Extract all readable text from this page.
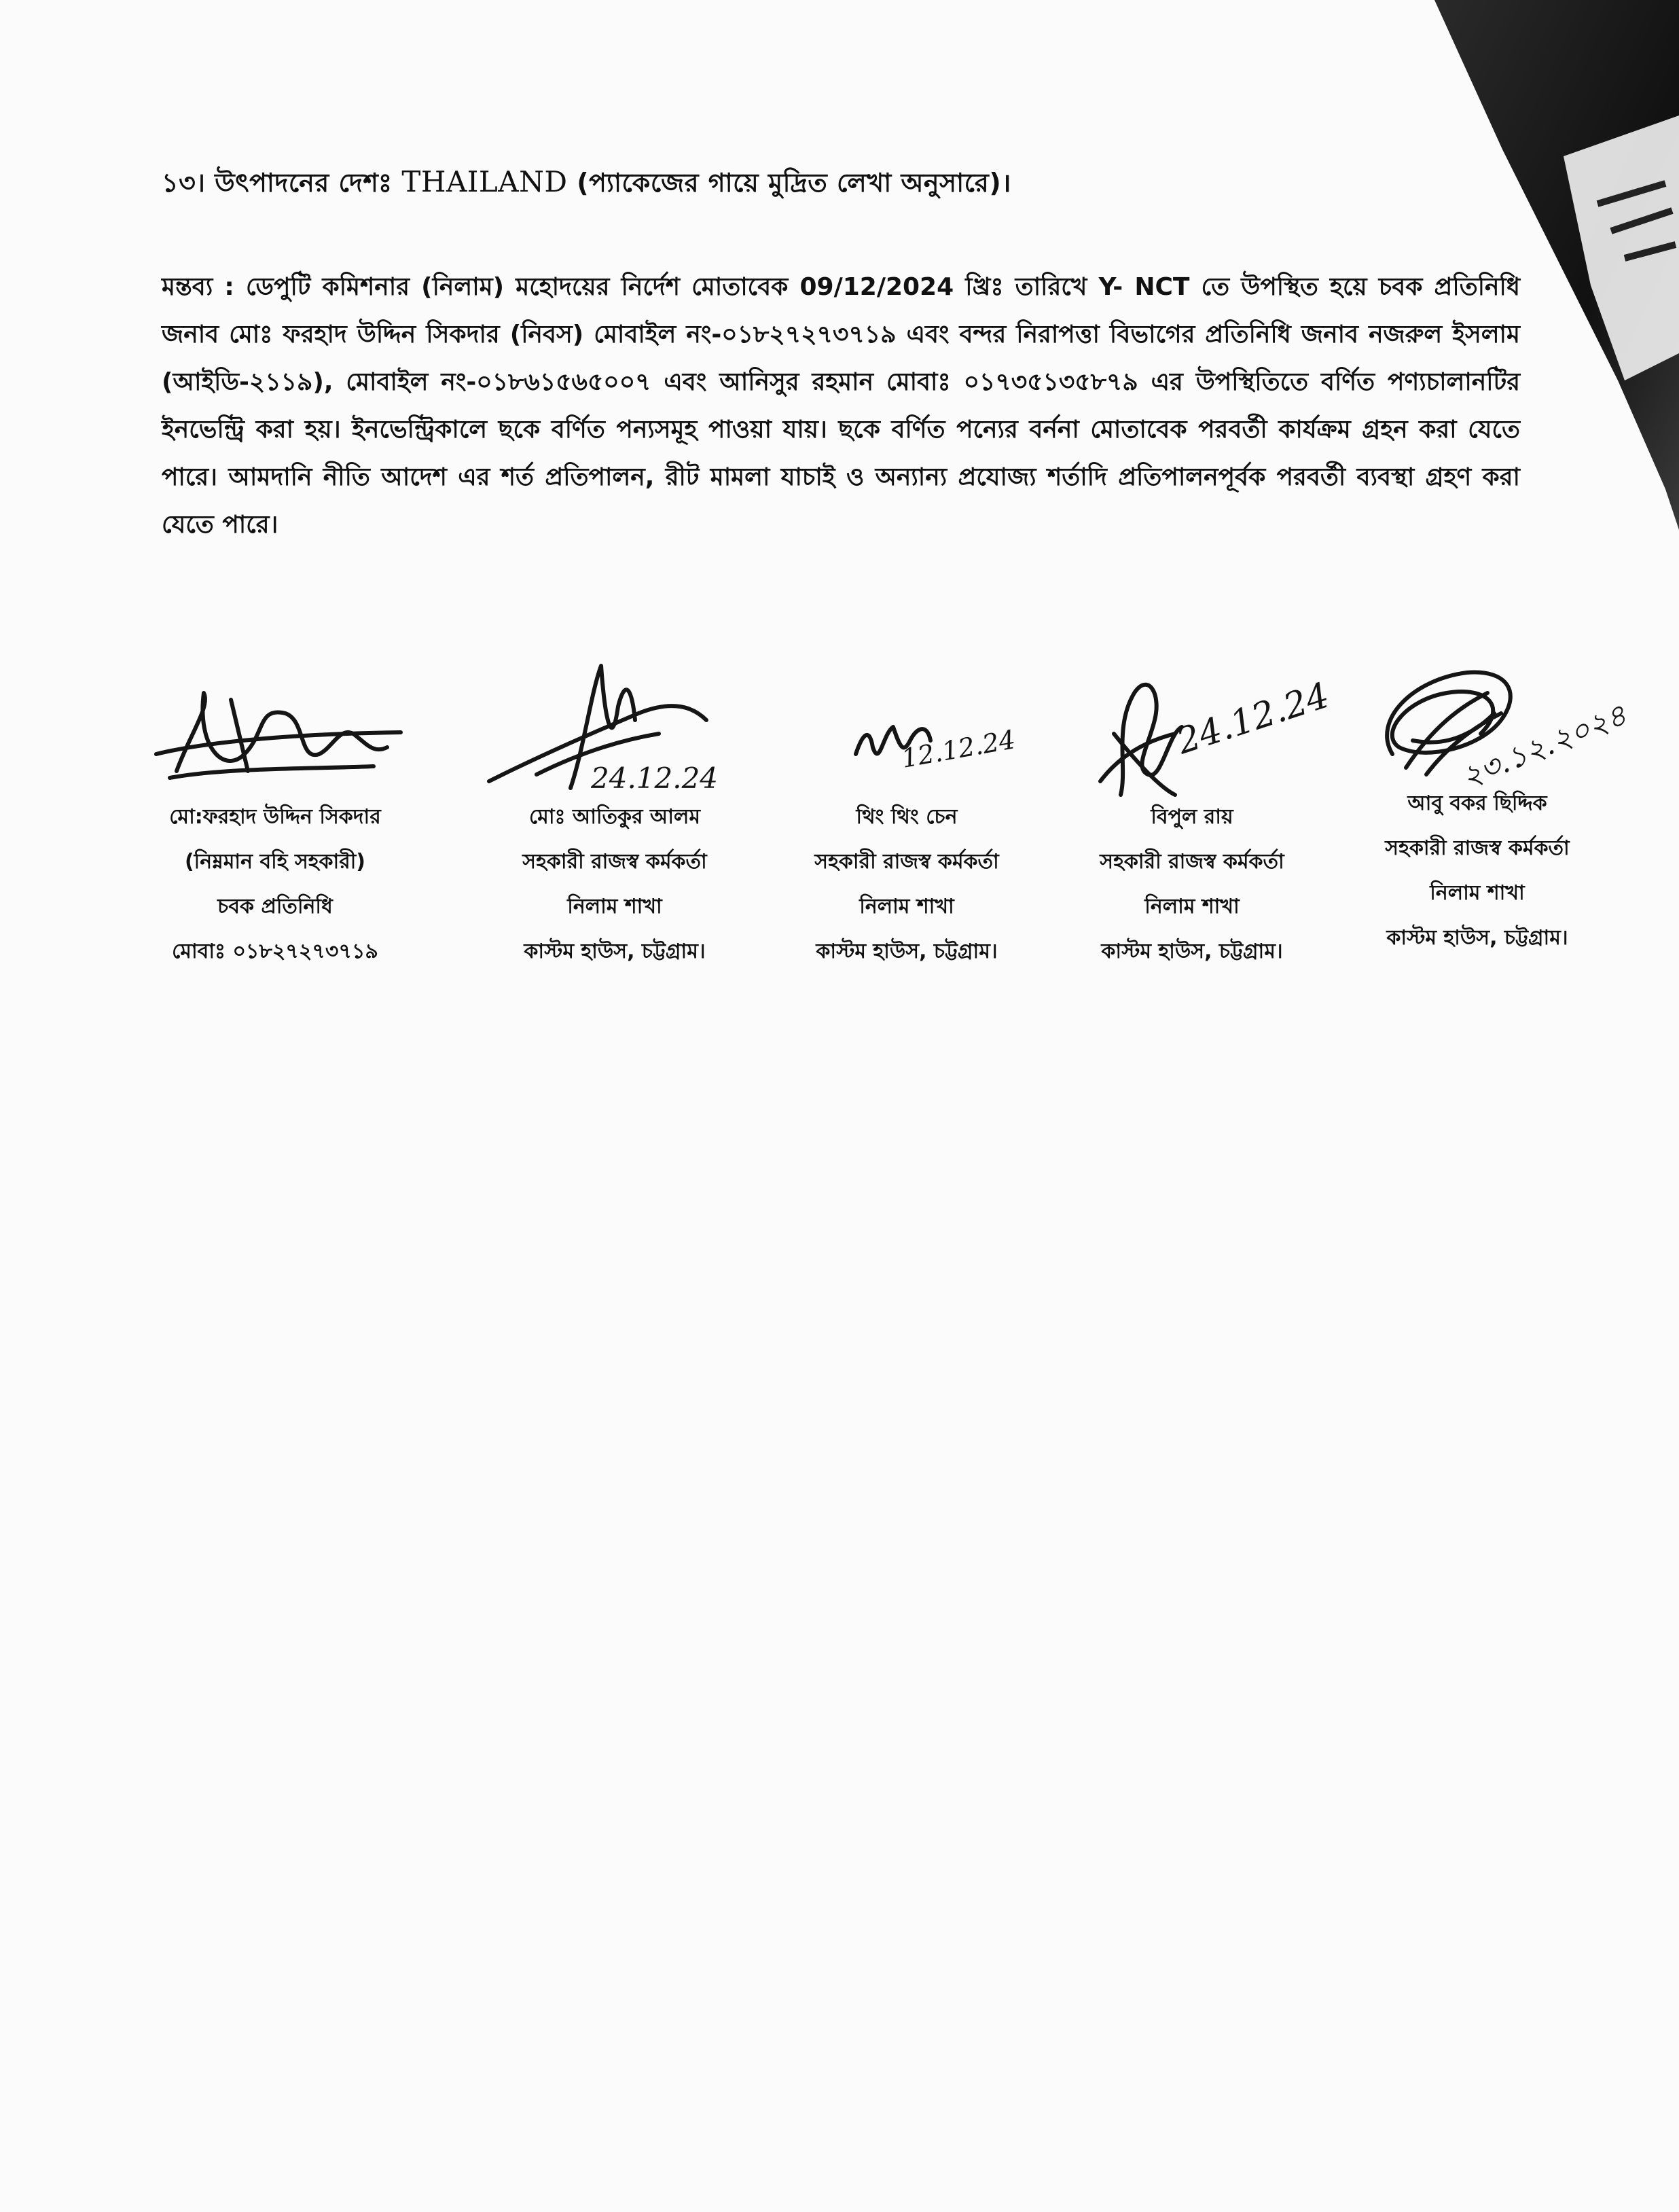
১৩। উৎপাদনের দেশঃ THAILAND (প্যাকেজের গায়ে মুদ্রিত লেখা অনুসারে)।

মন্তব্য : ডেপুটি কমিশনার (নিলাম) মহোদয়ের নির্দেশ মোতাবেক 09/12/2024 খ্রিঃ তারিখে Y- NCT তে উপস্থিত হয়ে চবক প্রতিনিধি জনাব মোঃ ফরহাদ উদ্দিন সিকদার (নিবস) মোবাইল নং-০১৮২৭২৭৩৭১৯ এবং বন্দর নিরাপত্তা বিভাগের প্রতিনিধি জনাব নজরুল ইসলাম (আইডি-২১১৯), মোবাইল নং-০১৮৬১৫৬৫০০৭ এবং আনিসুর রহমান মোবাঃ ০১৭৩৫১৩৫৮৭৯ এর উপস্থিতিতে বর্ণিত পণ্যচালানটির ইনভেন্ট্রি করা হয়। ইনভেন্ট্রিকালে ছকে বর্ণিত পন্যসমূহ পাওয়া যায়। ছকে বর্ণিত পন্যের বর্ননা মোতাবেক পরবর্তী কার্যক্রম গ্রহন করা যেতে পারে। আমদানি নীতি আদেশ এর শর্ত প্রতিপালন, রীট মামলা যাচাই ও অন্যান্য প্রযোজ্য শর্তাদি প্রতিপালনপূর্বক পরবর্তী ব্যবস্থা গ্রহণ করা যেতে পারে।

মো:ফরহাদ উদ্দিন সিকদার
(নিম্নমান বহি সহকারী)
চবক প্রতিনিধি
মোবাঃ ০১৮২৭২৭৩৭১৯
24.12.24
মোঃ আতিকুর আলম
সহকারী রাজস্ব কর্মকর্তা
নিলাম শাখা
কাস্টম হাউস, চট্টগ্রাম।
12.12.24
থিং থিং চেন
সহকারী রাজস্ব কর্মকর্তা
নিলাম শাখা
কাস্টম হাউস, চট্টগ্রাম।
24.12.24
বিপুল রায়
সহকারী রাজস্ব কর্মকর্তা
নিলাম শাখা
কাস্টম হাউস, চট্টগ্রাম।
২৩.১২.২০২৪
আবু বকর ছিদ্দিক
সহকারী রাজস্ব কর্মকর্তা
নিলাম শাখা
কাস্টম হাউস, চট্টগ্রাম।
